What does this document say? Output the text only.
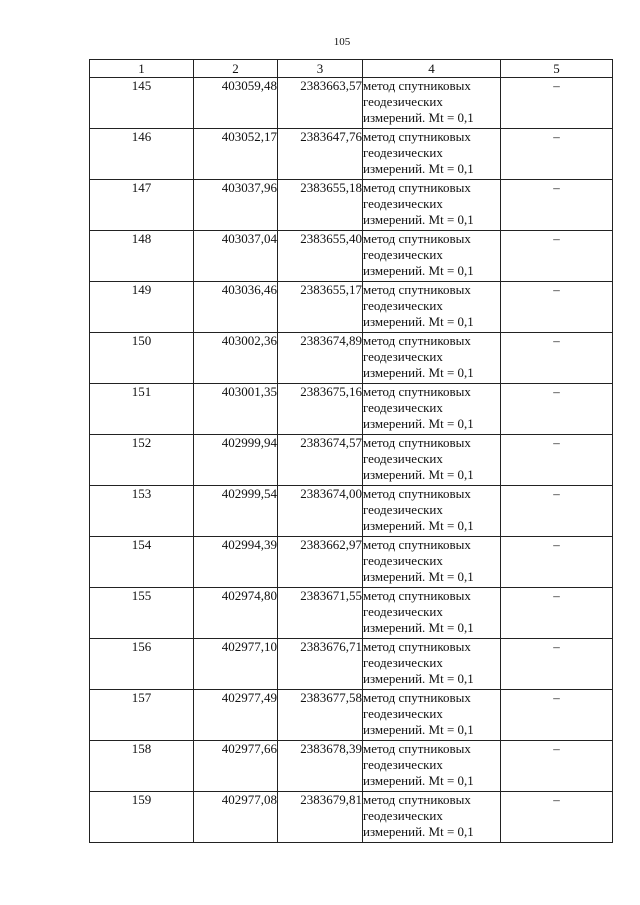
105
1	2	3	4	5
145	403059,48	2383663,57	метод спутниковых
геодезических
измерений. Mt = 0,1	–
146	403052,17	2383647,76	метод спутниковых
геодезических
измерений. Mt = 0,1	–
147	403037,96	2383655,18	метод спутниковых
геодезических
измерений. Mt = 0,1	–
148	403037,04	2383655,40	метод спутниковых
геодезических
измерений. Mt = 0,1	–
149	403036,46	2383655,17	метод спутниковых
геодезических
измерений. Mt = 0,1	–
150	403002,36	2383674,89	метод спутниковых
геодезических
измерений. Mt = 0,1	–
151	403001,35	2383675,16	метод спутниковых
геодезических
измерений. Mt = 0,1	–
152	402999,94	2383674,57	метод спутниковых
геодезических
измерений. Mt = 0,1	–
153	402999,54	2383674,00	метод спутниковых
геодезических
измерений. Mt = 0,1	–
154	402994,39	2383662,97	метод спутниковых
геодезических
измерений. Mt = 0,1	–
155	402974,80	2383671,55	метод спутниковых
геодезических
измерений. Mt = 0,1	–
156	402977,10	2383676,71	метод спутниковых
геодезических
измерений. Mt = 0,1	–
157	402977,49	2383677,58	метод спутниковых
геодезических
измерений. Mt = 0,1	–
158	402977,66	2383678,39	метод спутниковых
геодезических
измерений. Mt = 0,1	–
159	402977,08	2383679,81	метод спутниковых
геодезических
измерений. Mt = 0,1	–
